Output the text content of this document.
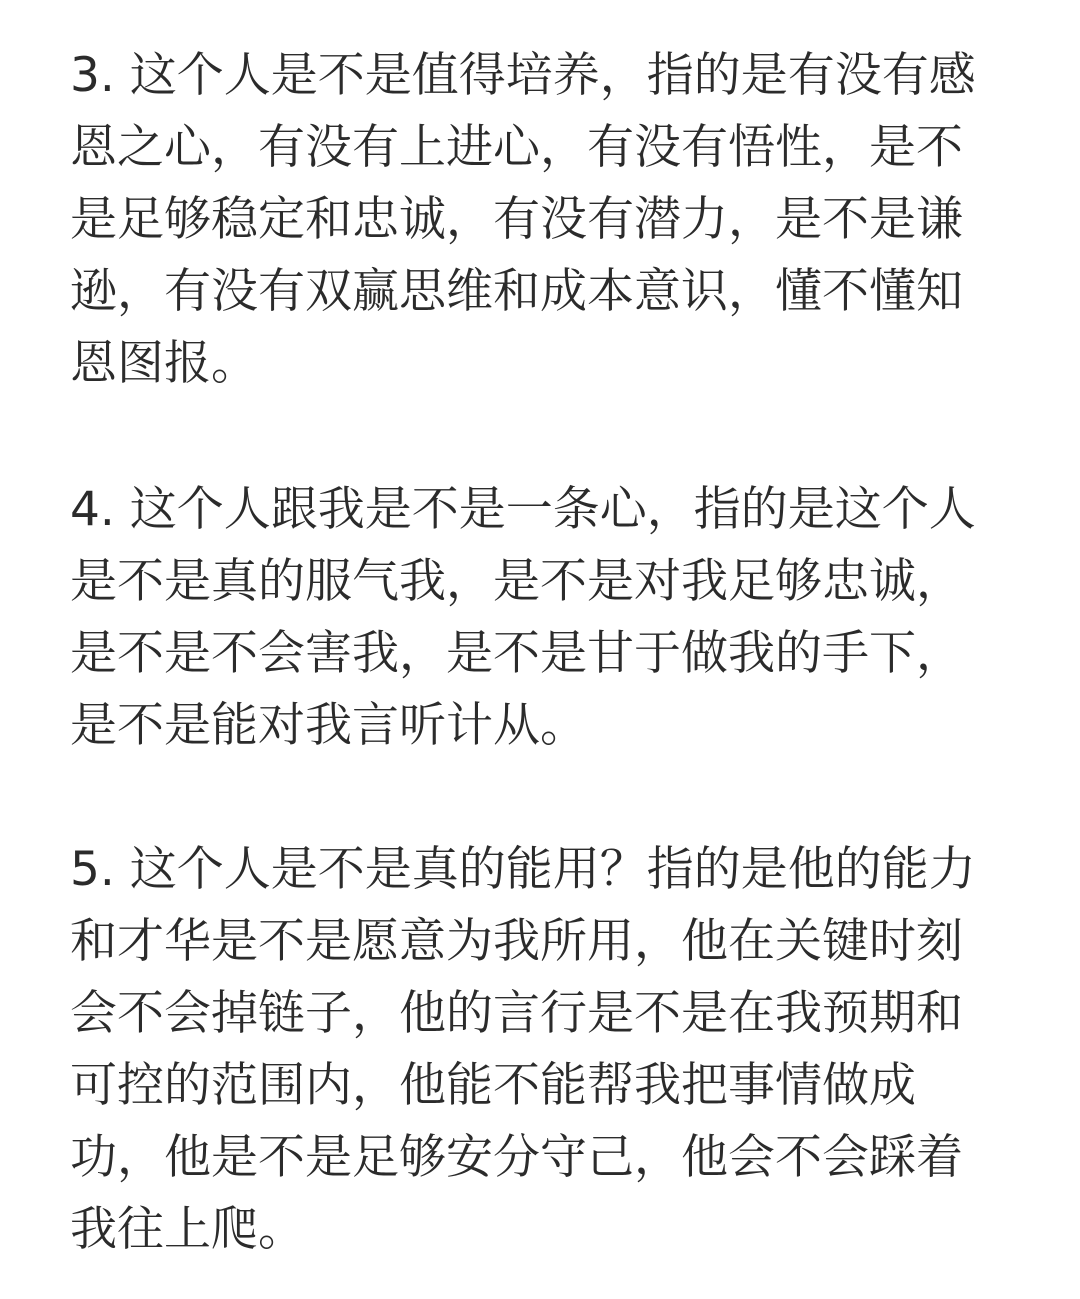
3. 这个人是不是值得培养，指的是有没有感
恩之心，有没有上进心，有没有悟性，是不
是足够稳定和忠诚，有没有潜力，是不是谦
逊，有没有双赢思维和成本意识，懂不懂知
恩图报。
4. 这个人跟我是不是一条心，指的是这个人
是不是真的服气我，是不是对我足够忠诚，
是不是不会害我，是不是甘于做我的手下，
是不是能对我言听计从。
5. 这个人是不是真的能用？指的是他的能力
和才华是不是愿意为我所用，他在关键时刻
会不会掉链子，他的言行是不是在我预期和
可控的范围内，他能不能帮我把事情做成
功，他是不是足够安分守己，他会不会踩着
我往上爬。
